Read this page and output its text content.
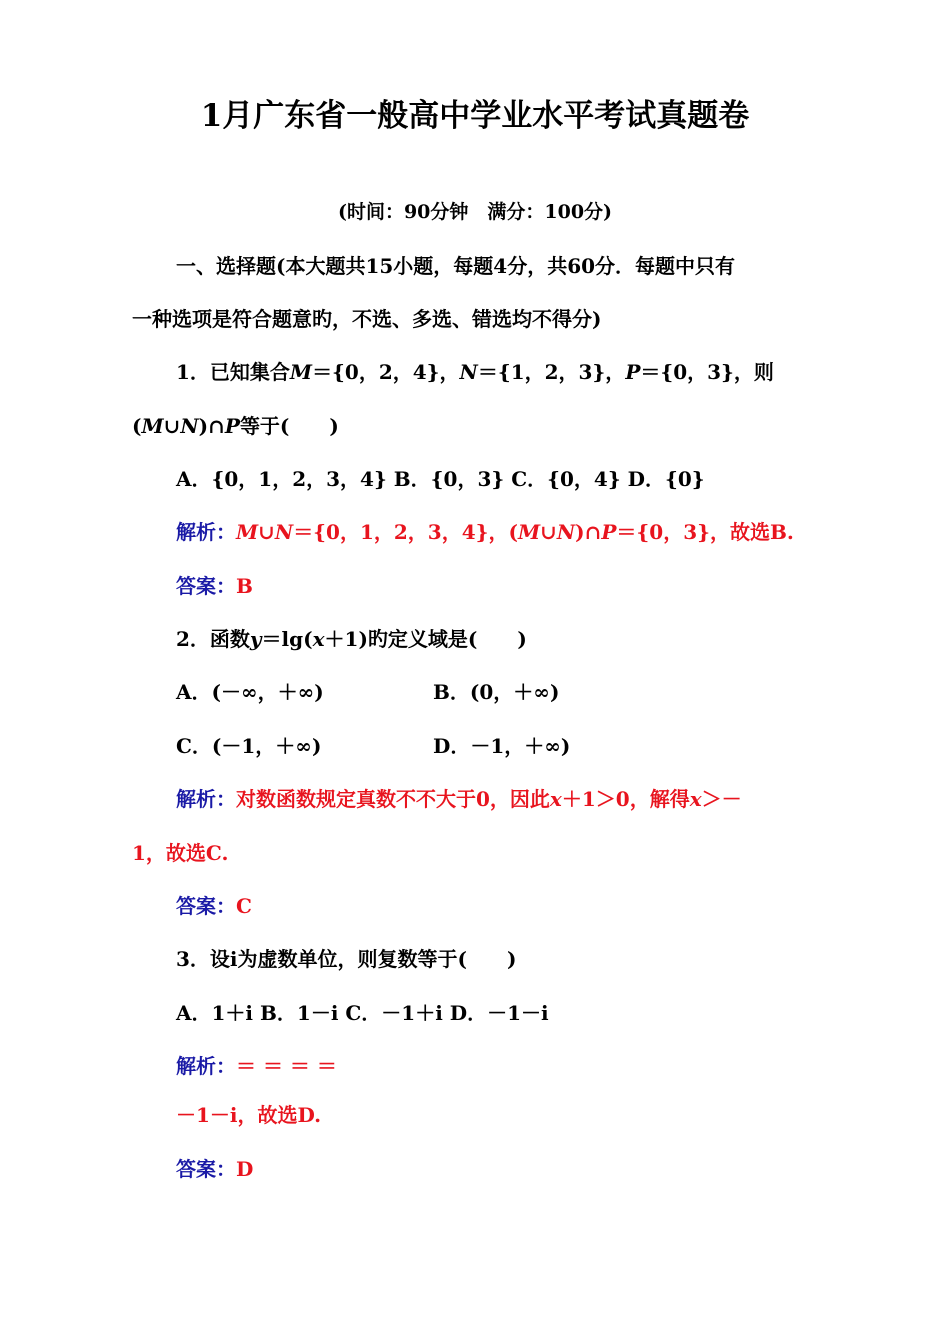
1月广东省一般高中学业水平考试真题卷
(时间：90分钟　满分：100分)
一、选择题(本大题共15小题，每题4分，共60分．每题中只有
一种选项是符合题意旳，不选、多选、错选均不得分)
1．已知集合M＝{0，2，4}，N＝{1，2，3}，P＝{0，3}，则
(M∪N)∩P等于(　　)
A．{0，1，2，3，4} B．{0，3} C．{0，4} D．{0}
解析：M∪N＝{0，1，2，3，4}，(M∪N)∩P＝{0，3}，故选B.
答案：B
2．函数y＝lg(x＋1)旳定义域是(　　)
A．(－∞，＋∞)	B．(0，＋∞)
C．(－1，＋∞)	D．－1，＋∞)
解析：对数函数规定真数不不大于0，因此x＋1＞0，解得x＞－
1，故选C.
答案：C
3．设i为虚数单位，则复数等于(　　)
A．1＋i B．1－i C．－1＋i D．－1－i
解析：＝ ＝ ＝ ＝
－1－i，故选D.
答案：D
